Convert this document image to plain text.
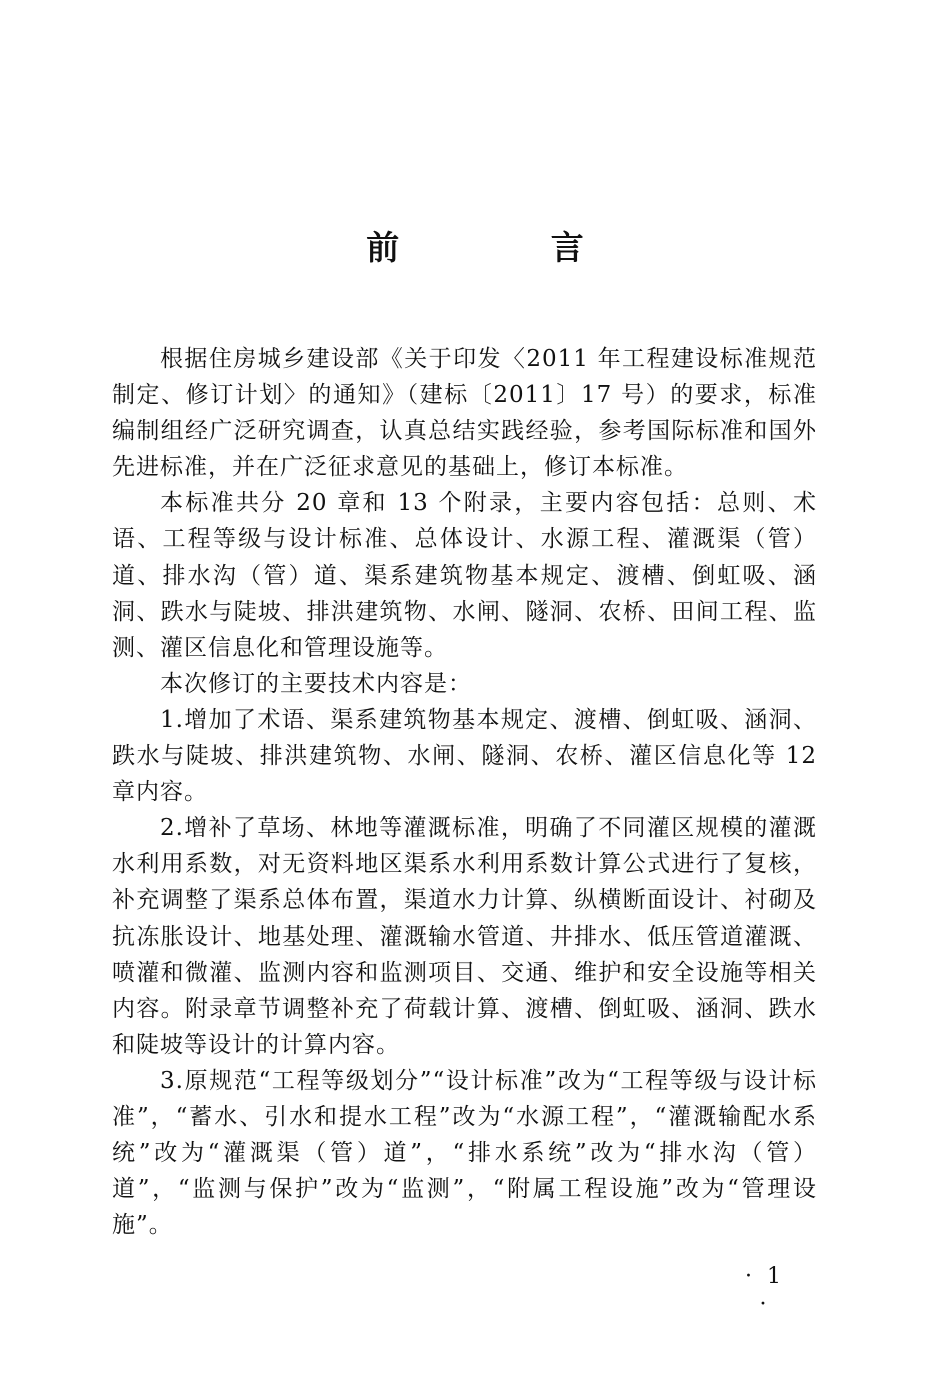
前 言

根据住房城乡建设部《关于印发〈2011 年工程建设标准规范制定、修订计划〉的通知》（建标〔2011〕17 号）的要求，标准编制组经广泛研究调查，认真总结实践经验，参考国际标准和国外先进标准，并在广泛征求意见的基础上，修订本标准。

本标准共分 20 章和 13 个附录，主要内容包括：总则、术语、工程等级与设计标准、总体设计、水源工程、灌溉渠（管）道、排水沟（管）道、渠系建筑物基本规定、渡槽、倒虹吸、涵洞、跌水与陡坡、排洪建筑物、水闸、隧洞、农桥、田间工程、监测、灌区信息化和管理设施等。

本次修订的主要技术内容是：

1.增加了术语、渠系建筑物基本规定、渡槽、倒虹吸、涵洞、跌水与陡坡、排洪建筑物、水闸、隧洞、农桥、灌区信息化等 12 章内容。

2.增补了草场、林地等灌溉标准，明确了不同灌区规模的灌溉水利用系数，对无资料地区渠系水利用系数计算公式进行了复核，补充调整了渠系总体布置，渠道水力计算、纵横断面设计、衬砌及抗冻胀设计、地基处理、灌溉输水管道、井排水、低压管道灌溉、喷灌和微灌、监测内容和监测项目、交通、维护和安全设施等相关内容。附录章节调整补充了荷载计算、渡槽、倒虹吸、涵洞、跌水和陡坡等设计的计算内容。

3.原规范“工程等级划分”“设计标准”改为“工程等级与设计标准”，“蓄水、引水和提水工程”改为“水源工程”，“灌溉输配水系统”改为“灌溉渠（管）道”，“排水系统”改为“排水沟（管）道”，“监测与保护”改为“监测”，“附属工程设施”改为“管理设施”。

· 1 ·
